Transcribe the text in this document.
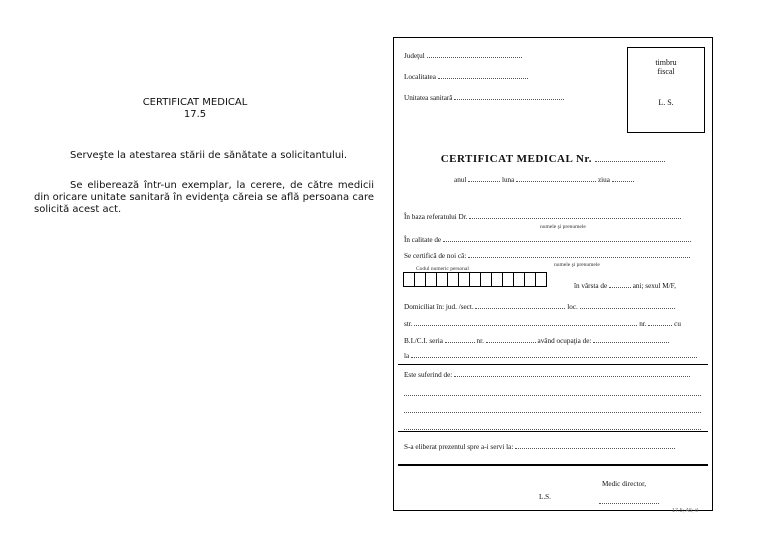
CERTIFICAT MEDICAL
17.5
Serveşte la atestarea stării de sănătate a solicitantului.
Se eliberează într-un exemplar, la cerere, de către medicii din oricare unitate sanitară în evidenţa căreia se află persoana care solicită acest act.
Judeţul
Localitatea
Unitatea sanitară
timbru
fiscal
L. S.
CERTIFICAT MEDICAL Nr.
anul	luna	ziua
În baza referatului Dr.
numele şi prenumele
În calitate de
Se certifică de noi că:
Codul numeric personal
numele şi prenumele
în vârsta de	ani; sexul M/F,
Domiciliat în: jud. /sect.	loc.
str.	nr.	cu
B.I./C.I. seria	nr.	având ocupaţia de:
la
Este suferind de:
S-a eliberat prezentul spre a-i servi la:
Medic director,
L.S.
17.5; A5; tl
